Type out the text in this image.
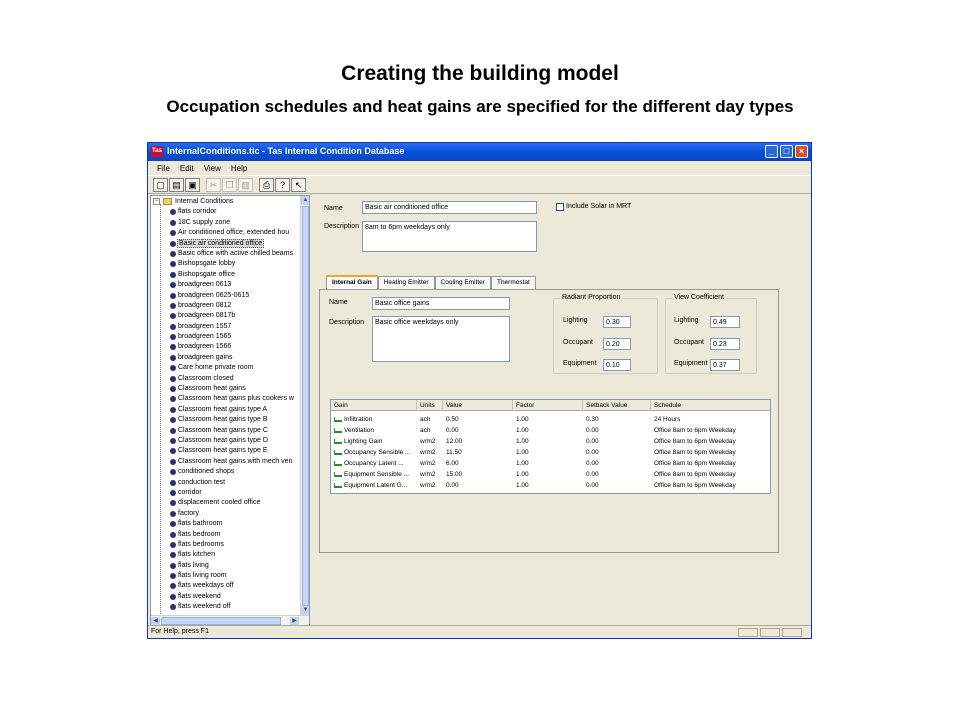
Creating the building model
Occupation schedules and heat gains are specified for the different day types
Tas InternalConditions.tic - Tas Internal Condition Database	_	□	×
File	Edit	View	Help
▢ ▤ ▣	✂ ❐ ▥	⎙	?	↖
− Internal Conditions
flats corridor
18C supply zone
Air conditioned office, extended hou
Basic air conditioned office
Basic office with active chilled beams
Bishopsgate lobby
Bishopsgate office
broadgreen 0613
broadgreen 0625-0615
broadgreen 0812
broadgreen 0817b
broadgreen 1557
broadgreen 1565
broadgreen 1566
broadgreen gains
Care home private room
Classroom closed
Classroom heat gains
Classroom heat gains plus cookers w
Classroom heat gains type A
Classroom heat gains type B
Classroom heat gains type C
Classroom heat gains type D
Classroom heat gains type E
Classroom heat gains with mech ven
conditioned shops
conduction test
corridor
displacement cooled office
factory
flats bathroom
flats bedroom
flats bedrooms
flats kitchen
flats living
flats living room
flats weekdays off
flats weekend
flats weekend off
▲
▼
◀	▶
Name	Basic air conditioned office	Include Solar in MRT
Description 8am to 6pm weekdays only
Internal Gain	Heating Emitter	Cooling Emitter	Thermostat
Name	Basic office gains
Description	Basic office weekdays only
Radiant Proportion
Lighting	0.30
Occupant	0.20
Equipment	0.10
View Coefficient
Lighting	0.49
Occupant	0.23
Equipment 0.37
Gain	Units	Value	Factor	Setback Value	Schedule
Infiltration	ach	0.50	1.00	0.30	24 Hours
Ventilation	ach	0.00	1.00	0.00	Office 8am to 6pm Weekday
Lighting Gain	w/m2	12.00	1.00	0.00	Office 8am to 6pm Weekday
Occupancy Sensible ...	w/m2	11.50	1.00	0.00	Office 8am to 6pm Weekday
Occupancy Latent ...	w/m2	6.00	1.00	0.00	Office 8am to 6pm Weekday
Equipment Sensible ...	w/m2	15.00	1.00	0.00	Office 8am to 6pm Weekday
Equipment Latent G...	w/m2	0.00	1.00	0.00	Office 8am to 6pm Weekday
For Help, press F1
